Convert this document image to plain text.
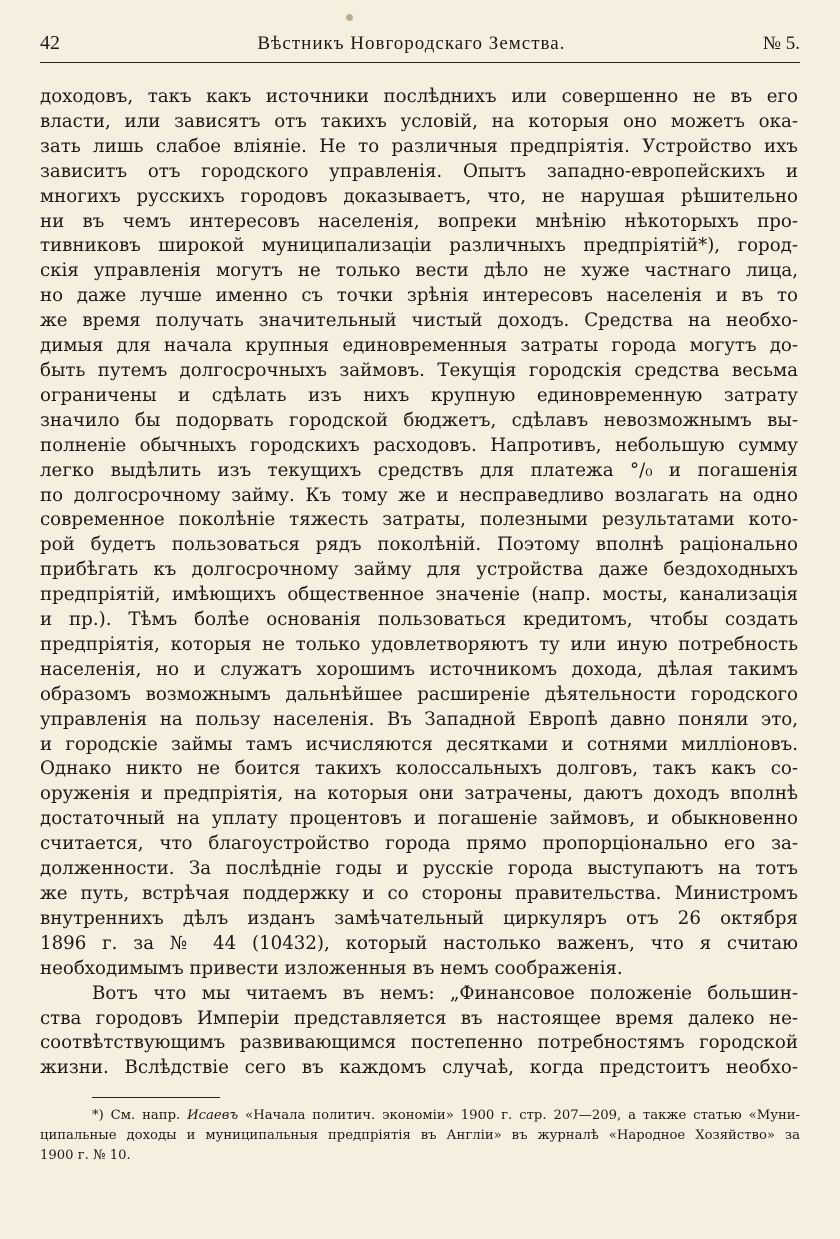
42	Вѣстникъ Новгородскаго Земства.	№ 5.
доходовъ, такъ какъ источники послѣднихъ или совершенно не въ его
власти, или зависятъ отъ такихъ условій, на которыя оно можетъ ока-
зать лишь слабое вліяніе. Не то различныя предпріятія. Устройство ихъ
зависитъ отъ городского управленія. Опытъ западно-европейскихъ и
многихъ русскихъ городовъ доказываетъ, что, не нарушая рѣшительно
ни въ чемъ интересовъ населенія, вопреки мнѣнію нѣкоторыхъ про-
тивниковъ широкой муниципализаціи различныхъ предпріятій*), город-
скія управленія могутъ не только вести дѣло не хуже частнаго лица,
но даже лучше именно съ точки зрѣнія интересовъ населенія и въ то
же время получать значительный чистый доходъ. Средства на необхо-
димыя для начала крупныя единовременныя затраты города могутъ до-
быть путемъ долгосрочныхъ займовъ. Текущія городскія средства весьма
ограничены и сдѣлать изъ нихъ крупную единовременную затрату
значило бы подорвать городской бюджетъ, сдѣлавъ невозможнымъ вы-
полненіе обычныхъ городскихъ расходовъ. Напротивъ, небольшую сумму
легко выдѣлить изъ текущихъ средствъ для платежа °/₀ и погашенія
по долгосрочному займу. Къ тому же и несправедливо возлагать на одно
современное поколѣніе тяжесть затраты, полезными результатами кото-
рой будетъ пользоваться рядъ поколѣній. Поэтому вполнѣ раціонально
прибѣгать къ долгосрочному займу для устройства даже бездоходныхъ
предпріятій, имѣющихъ общественное значеніе (напр. мосты, канализація
и пр.). Тѣмъ болѣе основанія пользоваться кредитомъ, чтобы создать
предпріятія, которыя не только удовлетворяютъ ту или иную потребность
населенія, но и служатъ хорошимъ источникомъ дохода, дѣлая такимъ
образомъ возможнымъ дальнѣйшее расширеніе дѣятельности городского
управленія на пользу населенія. Въ Западной Европѣ давно поняли это,
и городскіе займы тамъ исчисляются десятками и сотнями милліоновъ.
Однако никто не боится такихъ колоссальныхъ долговъ, такъ какъ со-
оруженія и предпріятія, на которыя они затрачены, даютъ доходъ вполнѣ
достаточный на уплату процентовъ и погашеніе займовъ, и обыкновенно
считается, что благоустройство города прямо пропорціонально его за-
долженности. За послѣдніе годы и русскіе города выступаютъ на тотъ
же путь, встрѣчая поддержку и со стороны правительства. Министромъ
внутреннихъ дѣлъ изданъ замѣчательный циркуляръ отъ 26 октября
1896 г. за № 44 (10432), который настолько важенъ, что я считаю
необходимымъ привести изложенныя въ немъ соображенія.
Вотъ что мы читаемъ въ немъ: „Финансовое положеніе большин-
ства городовъ Имперіи представляется въ настоящее время далеко не-
соотвѣтствующимъ развивающимся постепенно потребностямъ городской
жизни. Вслѣдствіе сего въ каждомъ случаѣ, когда предстоитъ необхо-
*) См. напр. Исаевъ «Начала политич. экономіи» 1900 г. стр. 207—209, а также статью «Муни-
ципальные доходы и муниципальныя предпріятія въ Англіи» въ журналѣ «Народное Хозяйство» за
1900 г. № 10.
